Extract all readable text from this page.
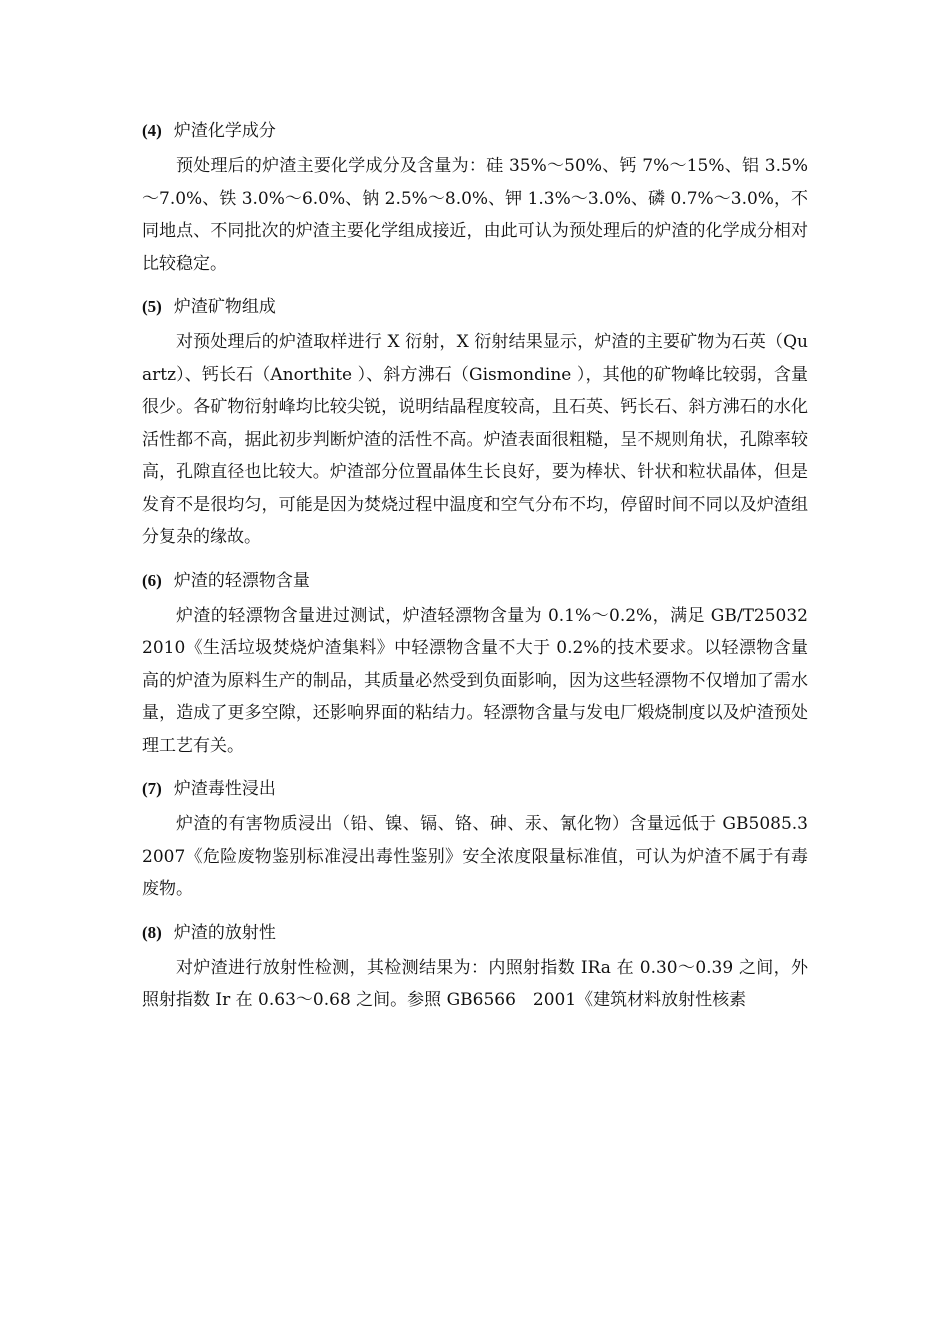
(4) 炉渣化学成分

预处理后的炉渣主要化学成分及含量为：硅 35%～50%、钙 7%～15%、铝 3.5%～7.0%、铁 3.0%～6.0%、钠 2.5%～8.0%、钾 1.3%～3.0%、磷 0.7%～3.0%，不同地点、不同批次的炉渣主要化学组成接近，由此可认为预处理后的炉渣的化学成分相对比较稳定。

(5) 炉渣矿物组成

对预处理后的炉渣取样进行 X 衍射，X 衍射结果显示，炉渣的主要矿物为石英（Quartz）、钙长石（Anorthite ）、斜方沸石（Gismondine ），其他的矿物峰比较弱，含量很少。各矿物衍射峰均比较尖锐，说明结晶程度较高，且石英、钙长石、斜方沸石的水化活性都不高，据此初步判断炉渣的活性不高。炉渣表面很粗糙，呈不规则角状，孔隙率较高，孔隙直径也比较大。炉渣部分位置晶体生长良好，要为棒状、针状和粒状晶体，但是发育不是很均匀，可能是因为焚烧过程中温度和空气分布不均，停留时间不同以及炉渣组分复杂的缘故。

(6) 炉渣的轻漂物含量

炉渣的轻漂物含量进过测试，炉渣轻漂物含量为 0.1%～0.2%，满足 GB/T25032　2010《生活垃圾焚烧炉渣集料》中轻漂物含量不大于 0.2%的技术要求。以轻漂物含量高的炉渣为原料生产的制品，其质量必然受到负面影响，因为这些轻漂物不仅增加了需水量，造成了更多空隙，还影响界面的粘结力。轻漂物含量与发电厂煅烧制度以及炉渣预处理工艺有关。

(7) 炉渣毒性浸出

炉渣的有害物质浸出（铅、镍、镉、铬、砷、汞、氰化物）含量远低于 GB5085.3　2007《危险废物鉴别标准浸出毒性鉴别》安全浓度限量标准值，可认为炉渣不属于有毒废物。

(8) 炉渣的放射性

对炉渣进行放射性检测，其检测结果为：内照射指数 IRa 在 0.30～0.39 之间，外照射指数 Ir 在 0.63～0.68 之间。参照 GB6566　2001《建筑材料放射性核素
